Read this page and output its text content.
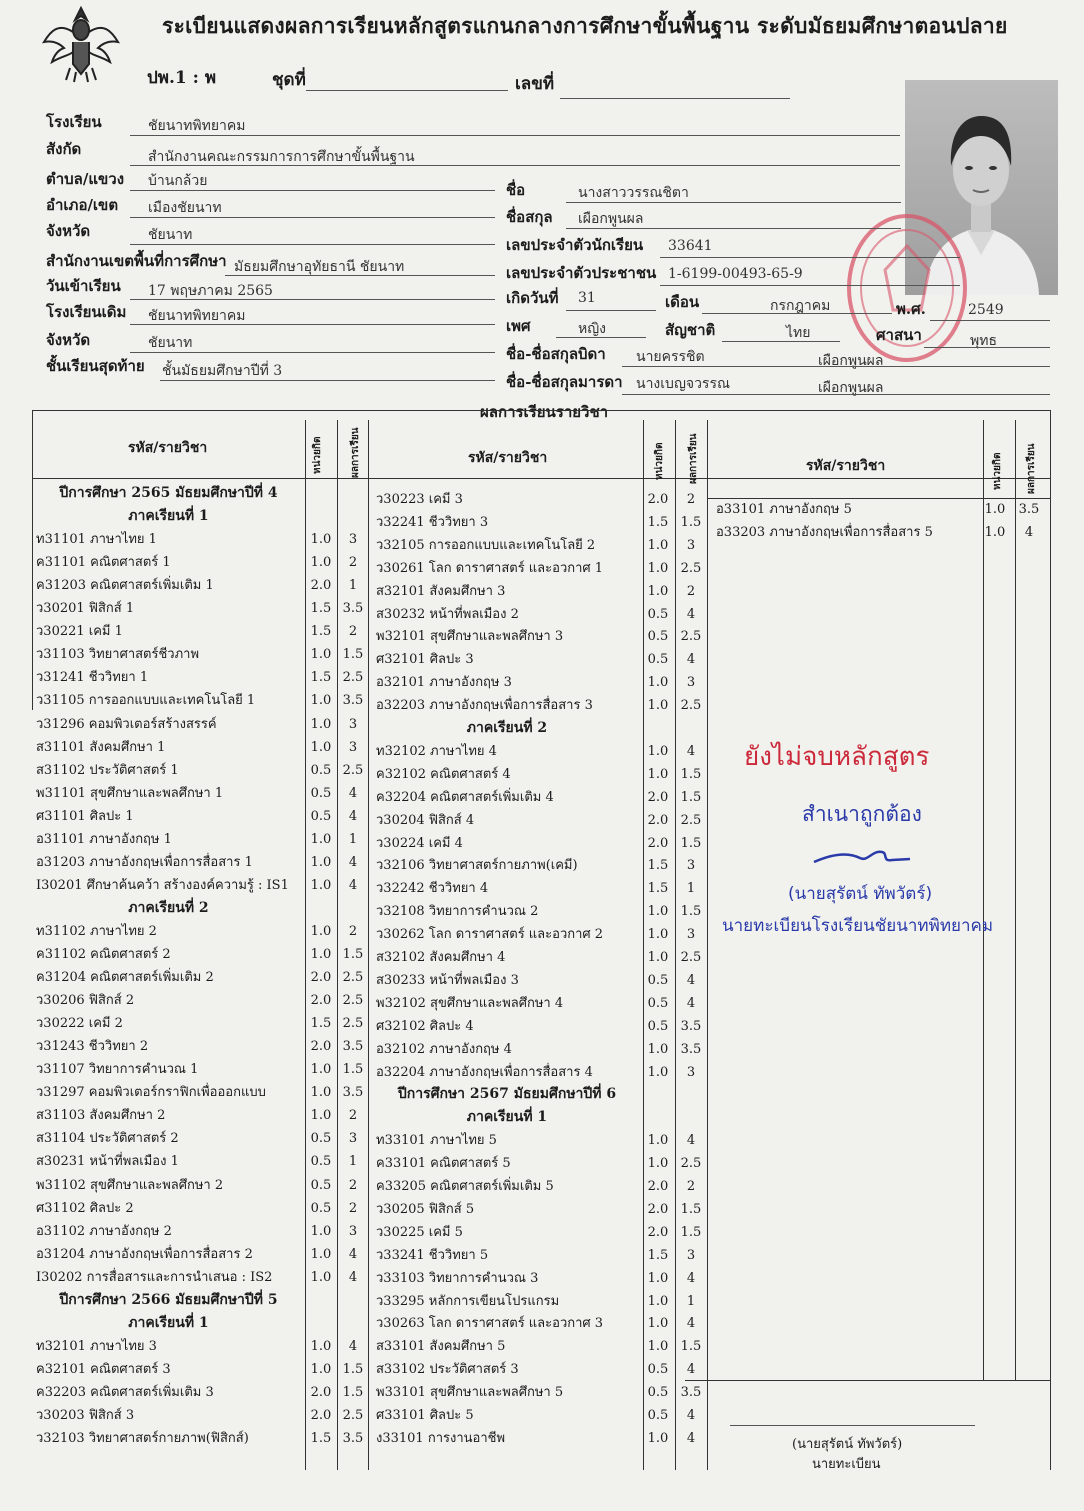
ระเบียนแสดงผลการเรียนหลักสูตรแกนกลางการศึกษาขั้นพื้นฐาน ระดับมัธยมศึกษาตอนปลาย
ปพ.1 : พ	ชุดที่	เลขที่
โรงเรียน	ชัยนาทพิทยาคม
สังกัด	สำนักงานคณะกรรมการการศึกษาขั้นพื้นฐาน
ตำบล/แขวง บ้านกล้วย
อำเภอ/เขต เมืองชัยนาท
จังหวัด	ชัยนาท
สำนักงานเขตพื้นที่การศึกษา มัธยมศึกษาอุทัยธานี ชัยนาท
วันเข้าเรียน 17 พฤษภาคม 2565
โรงเรียนเดิม ชัยนาทพิทยาคม
จังหวัด	ชัยนาท
ชั้นเรียนสุดท้าย ชั้นมัธยมศึกษาปีที่ 3
ชื่อ	นางสาววรรณชิตา
ชื่อสกุล เผือกพูนผล
เลขประจำตัวนักเรียน 33641
เลขประจำตัวประชาชน 1-6199-00493-65-9
เกิดวันที่ 31	เดือน	กรกฎาคม	พ.ศ.	2549
เพศ	หญิง	สัญชาติ	ไทย	ศาสนา	พุทธ
ชื่อ-ชื่อสกุลบิดา นายครรชิต	เผือกพูนผล
ชื่อ-ชื่อสกุลมารดา นางเบญจวรรณ	เผือกพูนผล
ผลการเรียนรายวิชา
รหัส/รายวิชา	หน่วยกิต	ผลการเรียน	รหัส/รายวิชา	หน่วยกิต ผลการเรียน	รหัส/รายวิชา	หน่วยกิต ผลการเรียน
ปีการศึกษา 2565 มัธยมศึกษาปีที่ 4
ภาคเรียนที่ 1
ท31101 ภาษาไทย 1	1.0	3
ค31101 คณิตศาสตร์ 1	1.0	2
ค31203 คณิตศาสตร์เพิ่มเติม 1	2.0	1
ว30201 ฟิสิกส์ 1	1.5 3.5
ว30221 เคมี 1	1.5	2
ว31103 วิทยาศาสตร์ชีวภาพ	1.0 1.5
ว31241 ชีววิทยา 1	1.5 2.5
ว31105 การออกแบบและเทคโนโลยี 1	1.0 3.5
ว31296 คอมพิวเตอร์สร้างสรรค์	1.0	3
ส31101 สังคมศึกษา 1	1.0	3
ส31102 ประวัติศาสตร์ 1	0.5 2.5
พ31101 สุขศึกษาและพลศึกษา 1	0.5	4
ศ31101 ศิลปะ 1	0.5	4
อ31101 ภาษาอังกฤษ 1	1.0	1
อ31203 ภาษาอังกฤษเพื่อการสื่อสาร 1	1.0	4
I30201 ศึกษาค้นคว้า สร้างองค์ความรู้ : IS1	1.0	4
ภาคเรียนที่ 2
ท31102 ภาษาไทย 2	1.0	2
ค31102 คณิตศาสตร์ 2	1.0 1.5
ค31204 คณิตศาสตร์เพิ่มเติม 2	2.0 2.5
ว30206 ฟิสิกส์ 2	2.0 2.5
ว30222 เคมี 2	1.5 2.5
ว31243 ชีววิทยา 2	2.0 3.5
ว31107 วิทยาการคำนวณ 1	1.0 1.5
ว31297 คอมพิวเตอร์กราฟิกเพื่อออกแบบ	1.0 3.5
ส31103 สังคมศึกษา 2	1.0	2
ส31104 ประวัติศาสตร์ 2	0.5	3
ส30231 หน้าที่พลเมือง 1	0.5	1
พ31102 สุขศึกษาและพลศึกษา 2	0.5	2
ศ31102 ศิลปะ 2	0.5	2
อ31102 ภาษาอังกฤษ 2	1.0	3
อ31204 ภาษาอังกฤษเพื่อการสื่อสาร 2	1.0	4
I30202 การสื่อสารและการนำเสนอ : IS2	1.0	4
ปีการศึกษา 2566 มัธยมศึกษาปีที่ 5
ภาคเรียนที่ 1
ท32101 ภาษาไทย 3	1.0	4
ค32101 คณิตศาสตร์ 3	1.0 1.5
ค32203 คณิตศาสตร์เพิ่มเติม 3	2.0 1.5
ว30203 ฟิสิกส์ 3	2.0 2.5
ว32103 วิทยาศาสตร์กายภาพ(ฟิสิกส์)	1.5 3.5
ว30223 เคมี 3	2.0	2
ว32241 ชีววิทยา 3	1.5 1.5
ว32105 การออกแบบและเทคโนโลยี 2	1.0	3
ว30261 โลก ดาราศาสตร์ และอวกาศ 1	1.0 2.5
ส32101 สังคมศึกษา 3	1.0	2
ส30232 หน้าที่พลเมือง 2	0.5	4
พ32101 สุขศึกษาและพลศึกษา 3	0.5 2.5
ศ32101 ศิลปะ 3	0.5	4
อ32101 ภาษาอังกฤษ 3	1.0	3
อ32203 ภาษาอังกฤษเพื่อการสื่อสาร 3	1.0 2.5
ภาคเรียนที่ 2
ท32102 ภาษาไทย 4	1.0	4
ค32102 คณิตศาสตร์ 4	1.0 1.5
ค32204 คณิตศาสตร์เพิ่มเติม 4	2.0 1.5
ว30204 ฟิสิกส์ 4	2.0 2.5
ว30224 เคมี 4	2.0 1.5
ว32106 วิทยาศาสตร์กายภาพ(เคมี)	1.5	3
ว32242 ชีววิทยา 4	1.5	1
ว32108 วิทยาการคำนวณ 2	1.0 1.5
ว30262 โลก ดาราศาสตร์ และอวกาศ 2	1.0	3
ส32102 สังคมศึกษา 4	1.0 2.5
ส30233 หน้าที่พลเมือง 3	0.5	4
พ32102 สุขศึกษาและพลศึกษา 4	0.5	4
ศ32102 ศิลปะ 4	0.5 3.5
อ32102 ภาษาอังกฤษ 4	1.0 3.5
อ32204 ภาษาอังกฤษเพื่อการสื่อสาร 4	1.0	3
ปีการศึกษา 2567 มัธยมศึกษาปีที่ 6
ภาคเรียนที่ 1
ท33101 ภาษาไทย 5	1.0	4
ค33101 คณิตศาสตร์ 5	1.0 2.5
ค33205 คณิตศาสตร์เพิ่มเติม 5	2.0	2
ว30205 ฟิสิกส์ 5	2.0 1.5
ว30225 เคมี 5	2.0 1.5
ว33241 ชีววิทยา 5	1.5	3
ว33103 วิทยาการคำนวณ 3	1.0	4
ว33295 หลักการเขียนโปรแกรม	1.0	1
ว30263 โลก ดาราศาสตร์ และอวกาศ 3	1.0	4
ส33101 สังคมศึกษา 5	1.0 1.5
ส33102 ประวัติศาสตร์ 3	0.5	4
พ33101 สุขศึกษาและพลศึกษา 5	0.5 3.5
ศ33101 ศิลปะ 5	0.5	4
ง33101 การงานอาชีพ	1.0	4
อ33101 ภาษาอังกฤษ 5	1.0	3.5
อ33203 ภาษาอังกฤษเพื่อการสื่อสาร 5	1.0	4
ยังไม่จบหลักสูตร
สำเนาถูกต้อง
(นายสุรัตน์ ทัพวัตร์)
นายทะเบียนโรงเรียนชัยนาทพิทยาคม
(นายสุรัตน์ ทัพวัตร์)
นายทะเบียน
